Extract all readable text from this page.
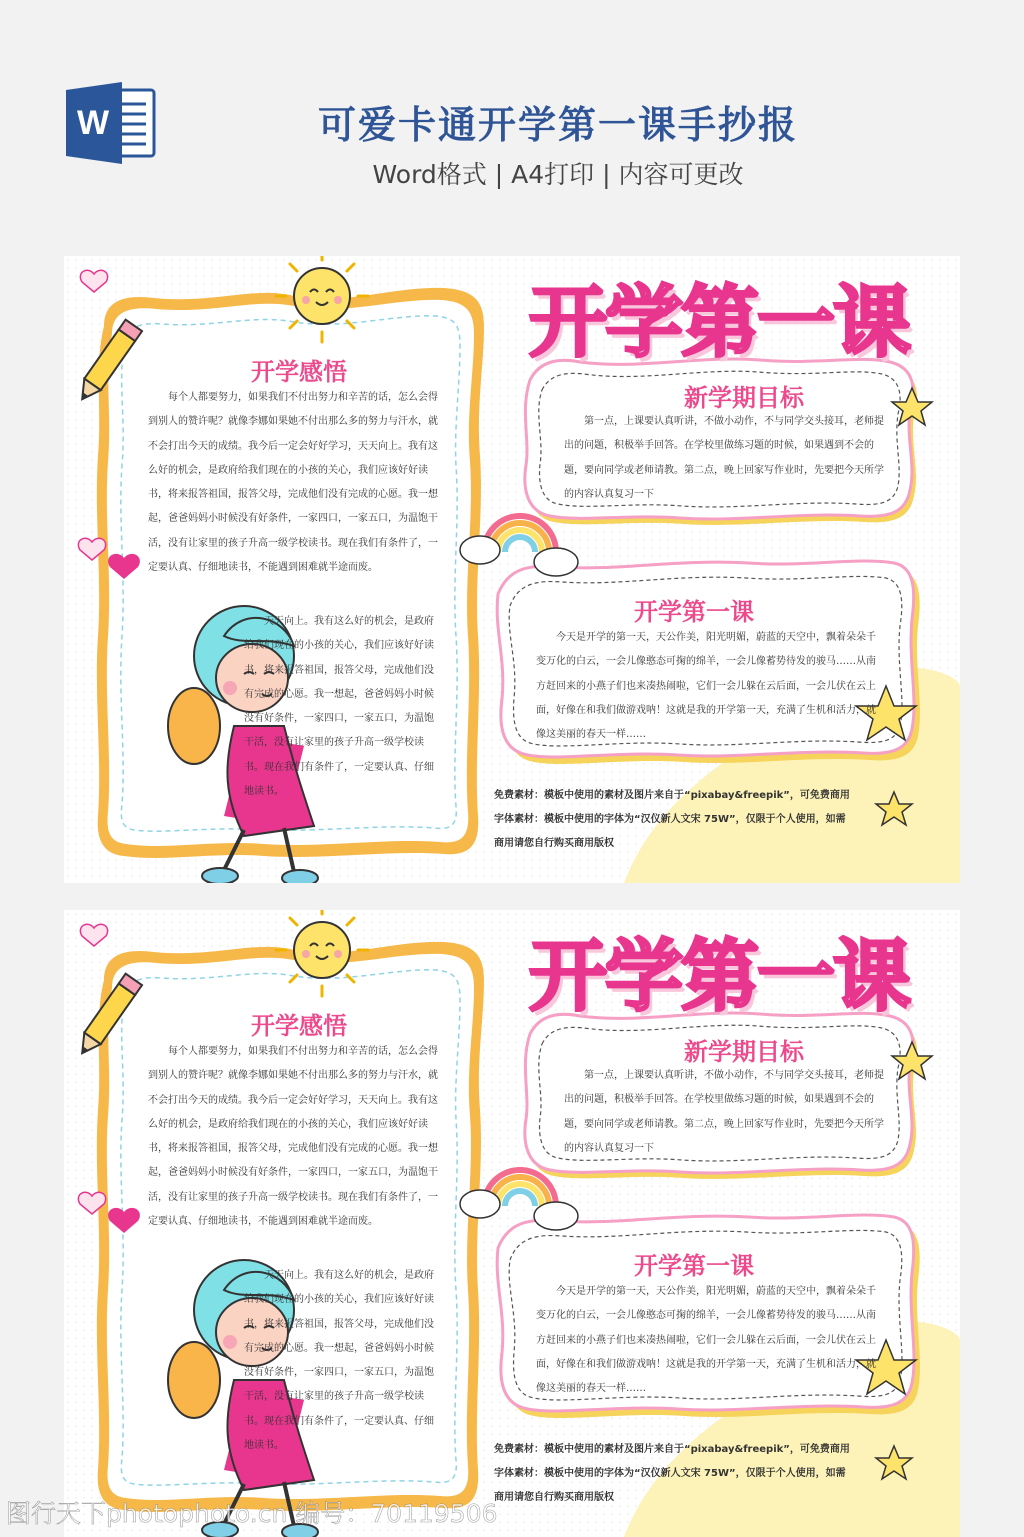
W	可爱卡通开学第一课手抄报
Word格式 | A4打印 | 内容可更改
开学第一课
开学感悟

每个人都要努力，如果我们不付出努力和辛苦的话，怎么会得到别人的赞许呢？就像李娜如果她不付出那么多的努力与汗水，就不会打出今天的成绩。我今后一定会好好学习，天天向上。我有这么好的机会，是政府给我们现在的小孩的关心，我们应该好好读书，将来报答祖国，报答父母，完成他们没有完成的心愿。我一想起，爸爸妈妈小时候没有好条件，一家四口，一家五口，为温饱干活，没有让家里的孩子升高一级学校读书。现在我们有条件了，一定要认真、仔细地读书，不能遇到困难就半途而废。

天天向上。我有这么好的机会，是政府给我们现在的小孩的关心，我们应该好好读书，将来报答祖国，报答父母，完成他们没有完成的心愿。我一想起，爸爸妈妈小时候没有好条件，一家四口，一家五口，为温饱干活，没有让家里的孩子升高一级学校读书。现在我们有条件了，一定要认真、仔细地读书。

新学期目标

第一点，上课要认真听讲，不做小动作，不与同学交头接耳，老师提出的问题，积极举手回答。在学校里做练习题的时候，如果遇到不会的题，要向同学或老师请教。第二点，晚上回家写作业时，先要把今天所学的内容认真复习一下

开学第一课

今天是开学的第一天，天公作美，阳光明媚，蔚蓝的天空中，飘着朵朵千变万化的白云，一会儿像憨态可掬的绵羊，一会儿像蓄势待发的骏马……从南方赶回来的小燕子们也来凑热闹啦，它们一会儿躲在云后面，一会儿伏在云上面，好像在和我们做游戏呐！这就是我的开学第一天，充满了生机和活力，就像这美丽的春天一样……

免费素材：模板中使用的素材及图片来自于“pixabay&freepik”，可免费商用
字体素材：模板中使用的字体为“汉仪新人文宋 75W”，仅限于个人使用，如需商用请您自行购买商用版权
开学第一课
开学感悟

每个人都要努力，如果我们不付出努力和辛苦的话，怎么会得到别人的赞许呢？就像李娜如果她不付出那么多的努力与汗水，就不会打出今天的成绩。我今后一定会好好学习，天天向上。我有这么好的机会，是政府给我们现在的小孩的关心，我们应该好好读书，将来报答祖国，报答父母，完成他们没有完成的心愿。我一想起，爸爸妈妈小时候没有好条件，一家四口，一家五口，为温饱干活，没有让家里的孩子升高一级学校读书。现在我们有条件了，一定要认真、仔细地读书，不能遇到困难就半途而废。

天天向上。我有这么好的机会，是政府给我们现在的小孩的关心，我们应该好好读书，将来报答祖国，报答父母，完成他们没有完成的心愿。我一想起，爸爸妈妈小时候没有好条件，一家四口，一家五口，为温饱干活，没有让家里的孩子升高一级学校读书。现在我们有条件了，一定要认真、仔细地读书。

新学期目标

第一点，上课要认真听讲，不做小动作，不与同学交头接耳，老师提出的问题，积极举手回答。在学校里做练习题的时候，如果遇到不会的题，要向同学或老师请教。第二点，晚上回家写作业时，先要把今天所学的内容认真复习一下

开学第一课

今天是开学的第一天，天公作美，阳光明媚，蔚蓝的天空中，飘着朵朵千变万化的白云，一会儿像憨态可掬的绵羊，一会儿像蓄势待发的骏马……从南方赶回来的小燕子们也来凑热闹啦，它们一会儿躲在云后面，一会儿伏在云上面，好像在和我们做游戏呐！这就是我的开学第一天，充满了生机和活力，就像这美丽的春天一样……

免费素材：模板中使用的素材及图片来自于“pixabay&freepik”，可免费商用
字体素材：模板中使用的字体为“汉仪新人文宋 75W”，仅限于个人使用，如需商用请您自行购买商用版权
图行天下photophoto.cn 编号：70119506
